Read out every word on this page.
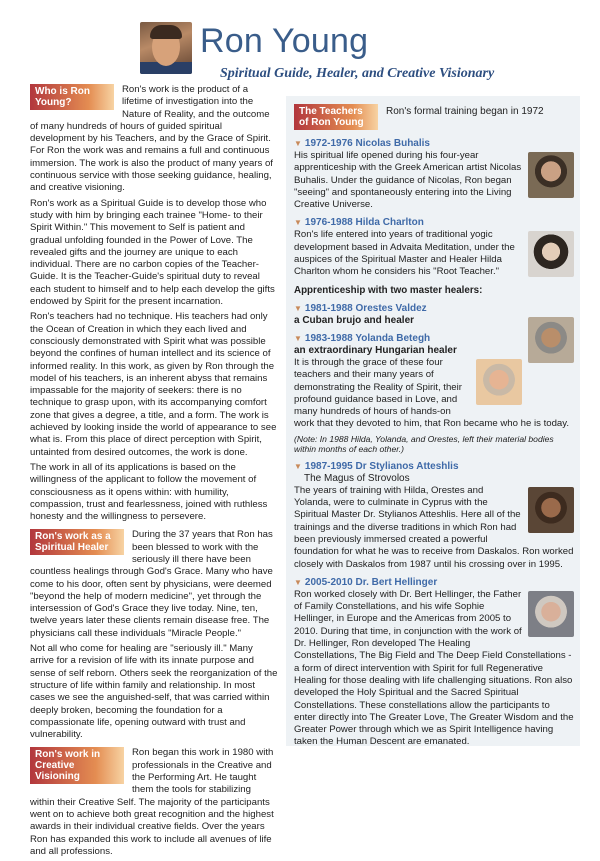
Ron Young
Spiritual Guide, Healer, and Creative Visionary
Who is Ron Young?

Ron's work is the product of a lifetime of investigation into the Nature of Reality, and the outcome of many hundreds of hours of guided spiritual development by his Teachers, and by the Grace of Spirit. For Ron the work was and remains a full and continuous immersion. The work is also the product of many years of continuous service with those seeking guidance, healing, and creative visioning.

Ron's work as a Spiritual Guide is to develop those who study with him by bringing each trainee "Home- to their Spirit Within." This movement to Self is patient and gradual unfolding founded in the Power of Love. The revealed gifts and the journey are unique to each individual. There are no carbon copies of the Teacher-Guide. It is the Teacher-Guide's spiritual duty to reveal each student to himself and to help each develop the gifts endowed by Spirit for the present incarnation.

Ron's teachers had no technique. His teachers had only the Ocean of Creation in which they each lived and consciously demonstrated with Spirit what was possible beyond the confines of human intellect and its science of informed reality. In this work, as given by Ron through the model of his teachers, is an inherent abyss that remains impassable for the majority of seekers: there is no technique to grasp upon, with its accompanying comfort zone that gives a degree, a title, and a form. The work is achieved by looking inside the world of appearance to see what is. From this place of direct perception with Spirit, untainted from desired outcomes, the work is done.

The work in all of its applications is based on the willingness of the applicant to follow the movement of consciousness as it opens within: with humility, compassion, trust and fearlessness, joined with ruthless honesty and the willingness to persevere.

Ron's work as a Spiritual Healer

During the 37 years that Ron has been blessed to work with the seriously ill there have been countless healings through God's Grace. Many who have come to his door, often sent by physicians, were deemed "beyond the help of modern medicine", yet through the intersession of God's Grace they live today. Nine, ten, twelve years later these clients remain disease free. The physicians call these individuals "Miracle People."

Not all who come for healing are "seriously ill." Many arrive for a revision of life with its innate purpose and sense of self reborn. Others seek the reorganization of the structure of life within family and relationship. In most cases we see the anguished-self, that was carried within deeply broken, becoming the foundation for a compassionate life, opening outward with trust and vulnerability.

Ron's work in Creative Visioning

Ron began this work in 1980 with professionals in the Creative and the Performing Art. He taught them the tools for stabilizing within their Creative Self. The majority of the participants went on to achieve both great recognition and the highest awards in their individual creative fields. Over the years Ron has expanded this work to include all avenues of life and all professions.

The Teachers of Ron Young
Ron's formal training began in 1972
▼ 1972-1976 Nicolas Buhalis

His spiritual life opened during his four-year apprenticeship with the Greek American artist Nicolas Buhalis. Under the guidance of Nicolas, Ron began "seeing" and spontaneously entering into the Living Creative Universe.

▼ 1976-1988 Hilda Charlton

Ron's life entered into years of traditional yogic development based in Advaita Meditation, under the auspices of the Spiritual Master and Healer Hilda Charlton whom he considers his "Root Teacher."

Apprenticeship with two master healers:
▼ 1981-1988 Orestes Valdez
a Cuban brujo and healer
▼ 1983-1988 Yolanda Betegh
an extraordinary Hungarian healer

It is through the grace of these four teachers and their many years of demonstrating the Reality of Spirit, their profound guidance based in Love, and many hundreds of hours of hands-on work that they devoted to him, that Ron became who he is today.

(Note: In 1988 Hilda, Yolanda, and Orestes, left their material bodies within months of each other.)

▼ 1987-1995 Dr Stylianos Atteshlis
The Magus of Strovolos

The years of training with Hilda, Orestes and Yolanda, were to culminate in Cyprus with the Spiritual Master Dr. Stylianos Atteshlis. Here all of the trainings and the diverse traditions in which Ron had been previously immersed created a powerful foundation for what he was to receive from Daskalos. Ron worked closely with Daskalos from 1987 until his crossing over in 1995.

▼ 2005-2010 Dr. Bert Hellinger

Ron worked closely with Dr. Bert Hellinger, the Father of Family Constellations, and his wife Sophie Hellinger, in Europe and the Americas from 2005 to 2010. During that time, in conjunction with the work of Dr. Hellinger, Ron developed The Healing Constellations, The Big Field and The Deep Field Constellations - a form of direct intervention with Spirit for full Regenerative Healing for those dealing with life challenging situations. Ron also developed the Holy Spiritual and the Sacred Spiritual Constellations. These constellations allow the participants to enter directly into The Greater Love, The Greater Wisdom and the Greater Power through which we as Spirit Intelligence having taken the Human Descent are emanated.
